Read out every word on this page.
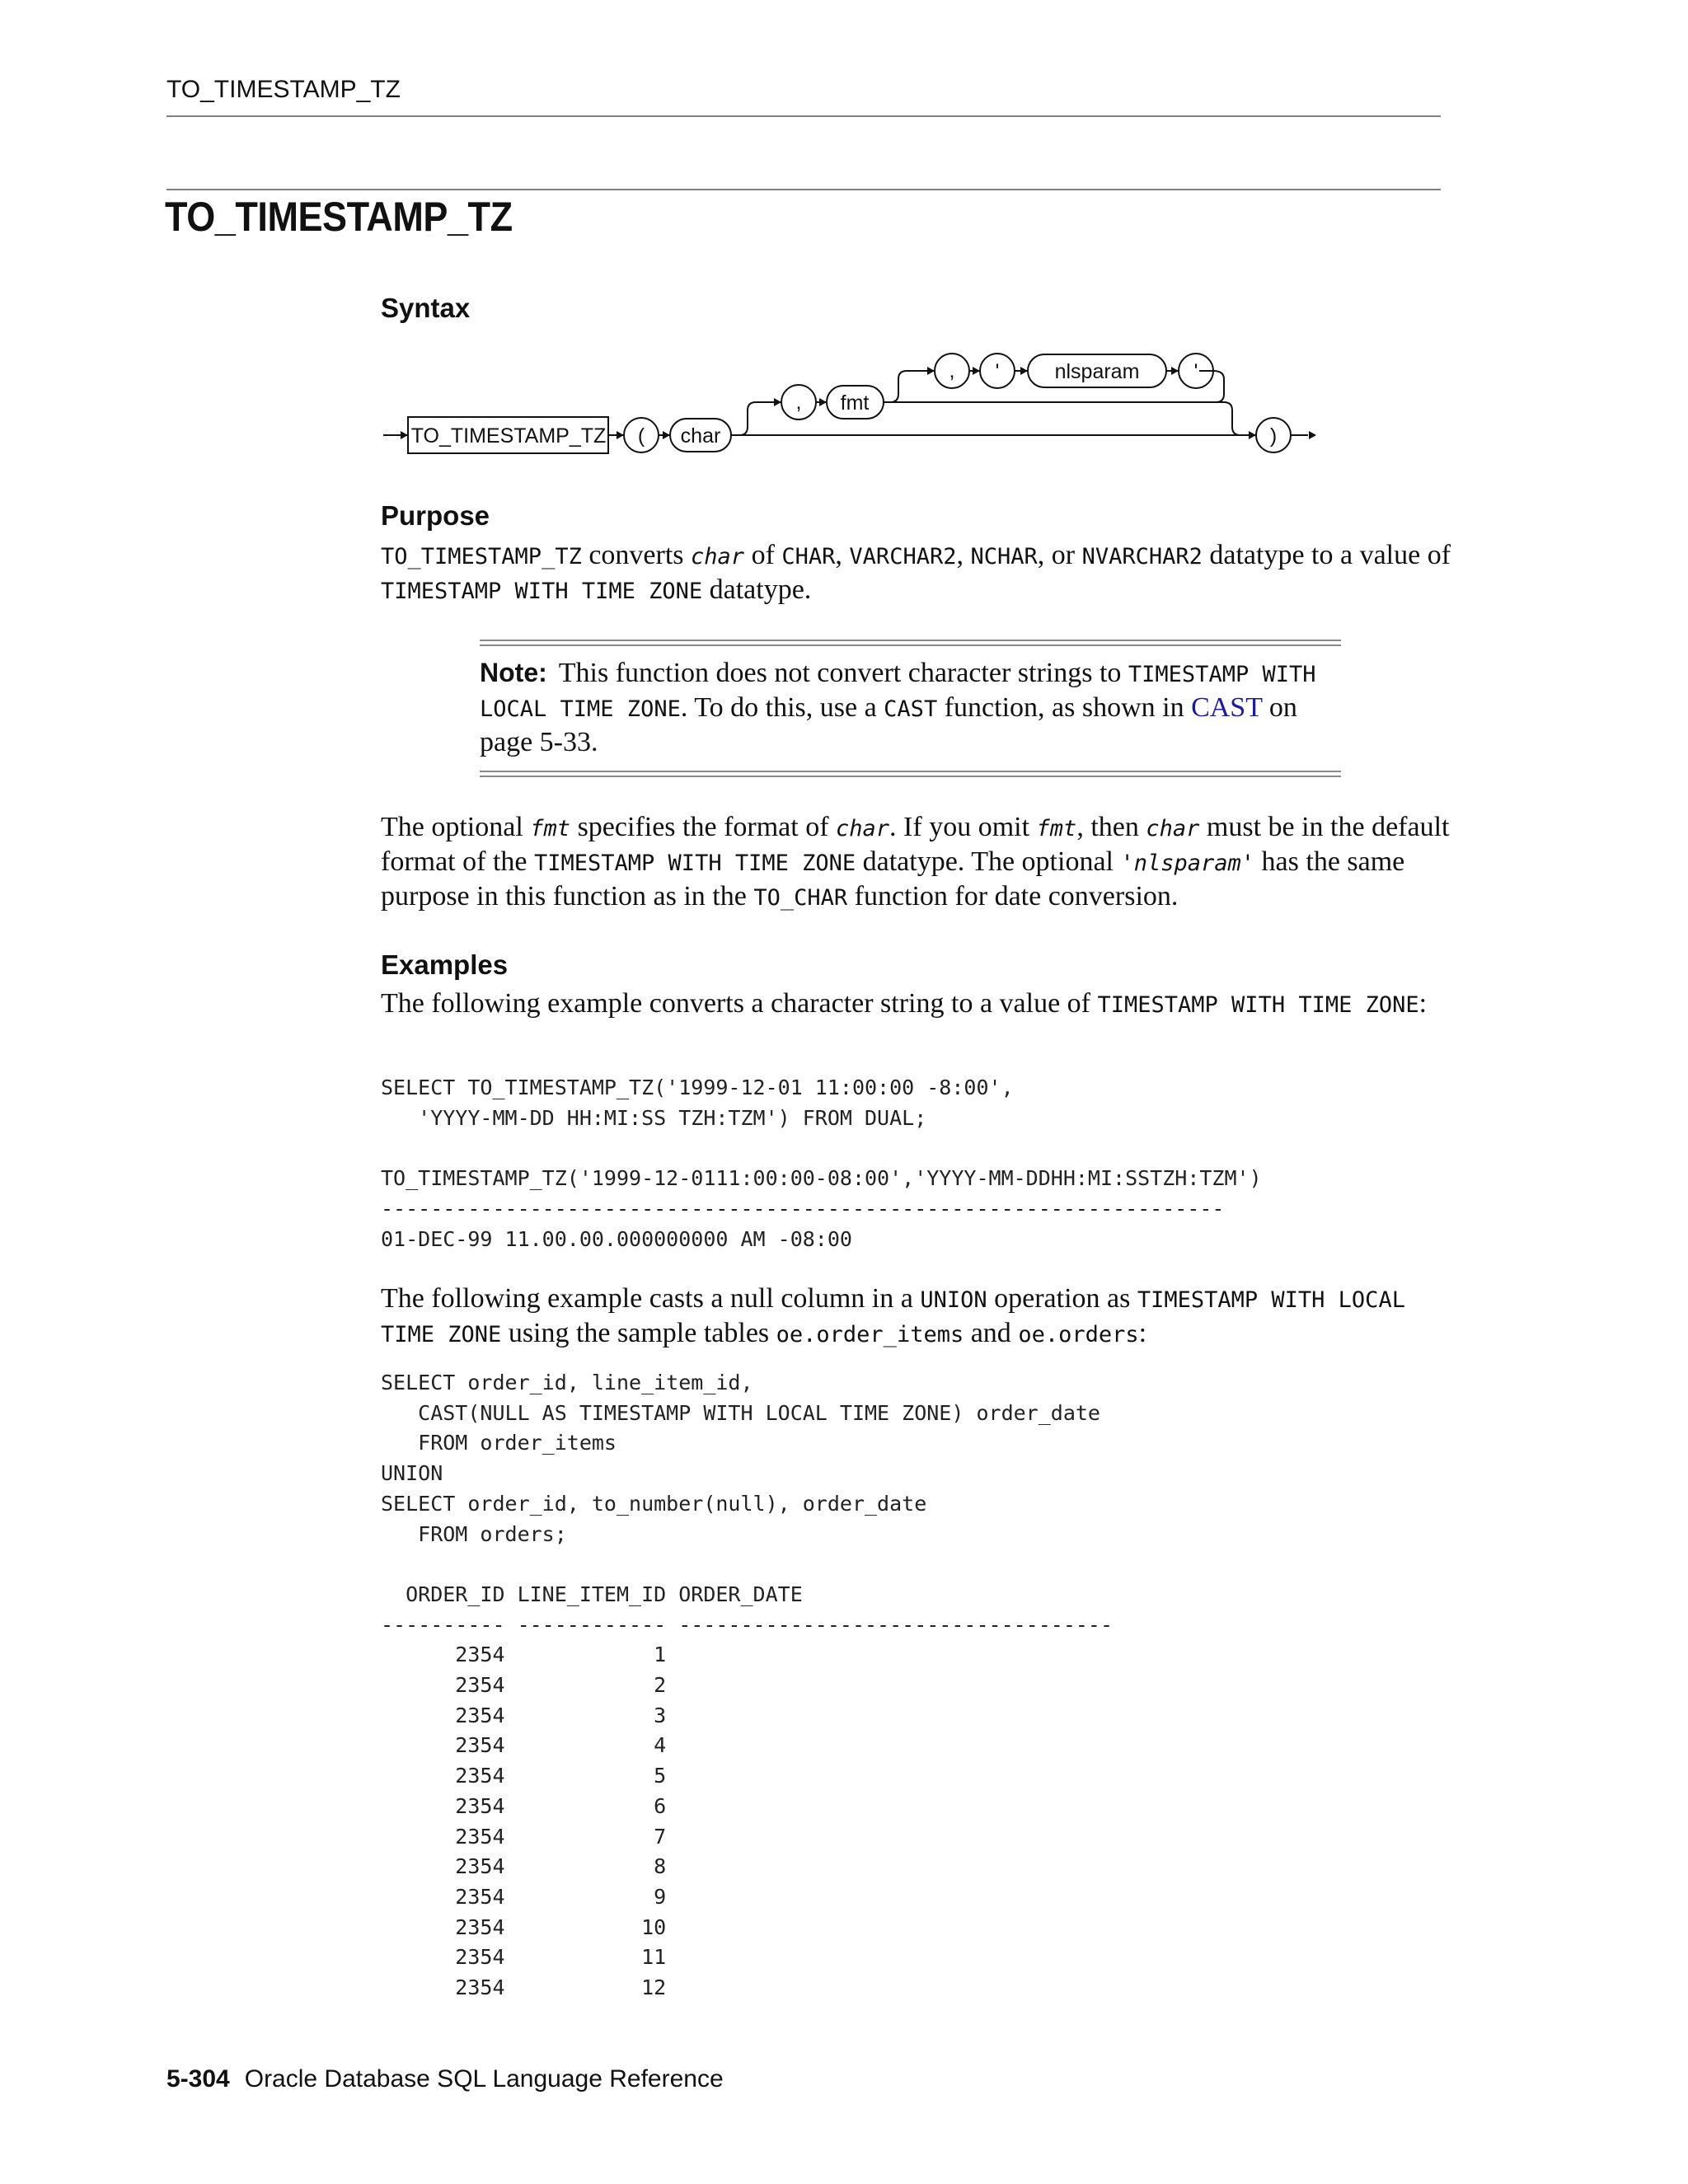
TO_TIMESTAMP_TZ
TO_TIMESTAMP_TZ
Syntax
TO_TIMESTAMP_TZ ( char
, fmt
, '	nlsparam	'
)
Purpose

TO_TIMESTAMP_TZ converts char of CHAR, VARCHAR2, NCHAR, or NVARCHAR2 datatype to a value of TIMESTAMP WITH TIME ZONE datatype.

Note: This function does not convert character strings to TIMESTAMP WITH LOCAL TIME ZONE. To do this, use a CAST function, as shown in CAST on page 5-33.

The optional fmt specifies the format of char. If you omit fmt, then char must be in the default format of the TIMESTAMP WITH TIME ZONE datatype. The optional 'nlsparam' has the same purpose in this function as in the TO_CHAR function for date conversion.

Examples

The following example converts a character string to a value of TIMESTAMP WITH TIME ZONE:

SELECT TO_TIMESTAMP_TZ('1999-12-01 11:00:00 -8:00',
'YYYY-MM-DD HH:MI:SS TZH:TZM') FROM DUAL;

TO_TIMESTAMP_TZ('1999-12-0111:00:00-08:00','YYYY-MM-DDHH:MI:SSTZH:TZM')
--------------------------------------------------------------------
01-DEC-99 11.00.00.000000000 AM -08:00

The following example casts a null column in a UNION operation as TIMESTAMP WITH LOCAL TIME ZONE using the sample tables oe.order_items and oe.orders:

SELECT order_id, line_item_id,
CAST(NULL AS TIMESTAMP WITH LOCAL TIME ZONE) order_date
FROM order_items
UNION
SELECT order_id, to_number(null), order_date
FROM orders;

ORDER_ID LINE_ITEM_ID ORDER_DATE
---------- ------------ -----------------------------------
2354            1
2354            2
2354            3
2354            4
2354            5
2354            6
2354            7
2354            8
2354            9
2354           10
2354           11
2354           12
5-304 Oracle Database SQL Language Reference
